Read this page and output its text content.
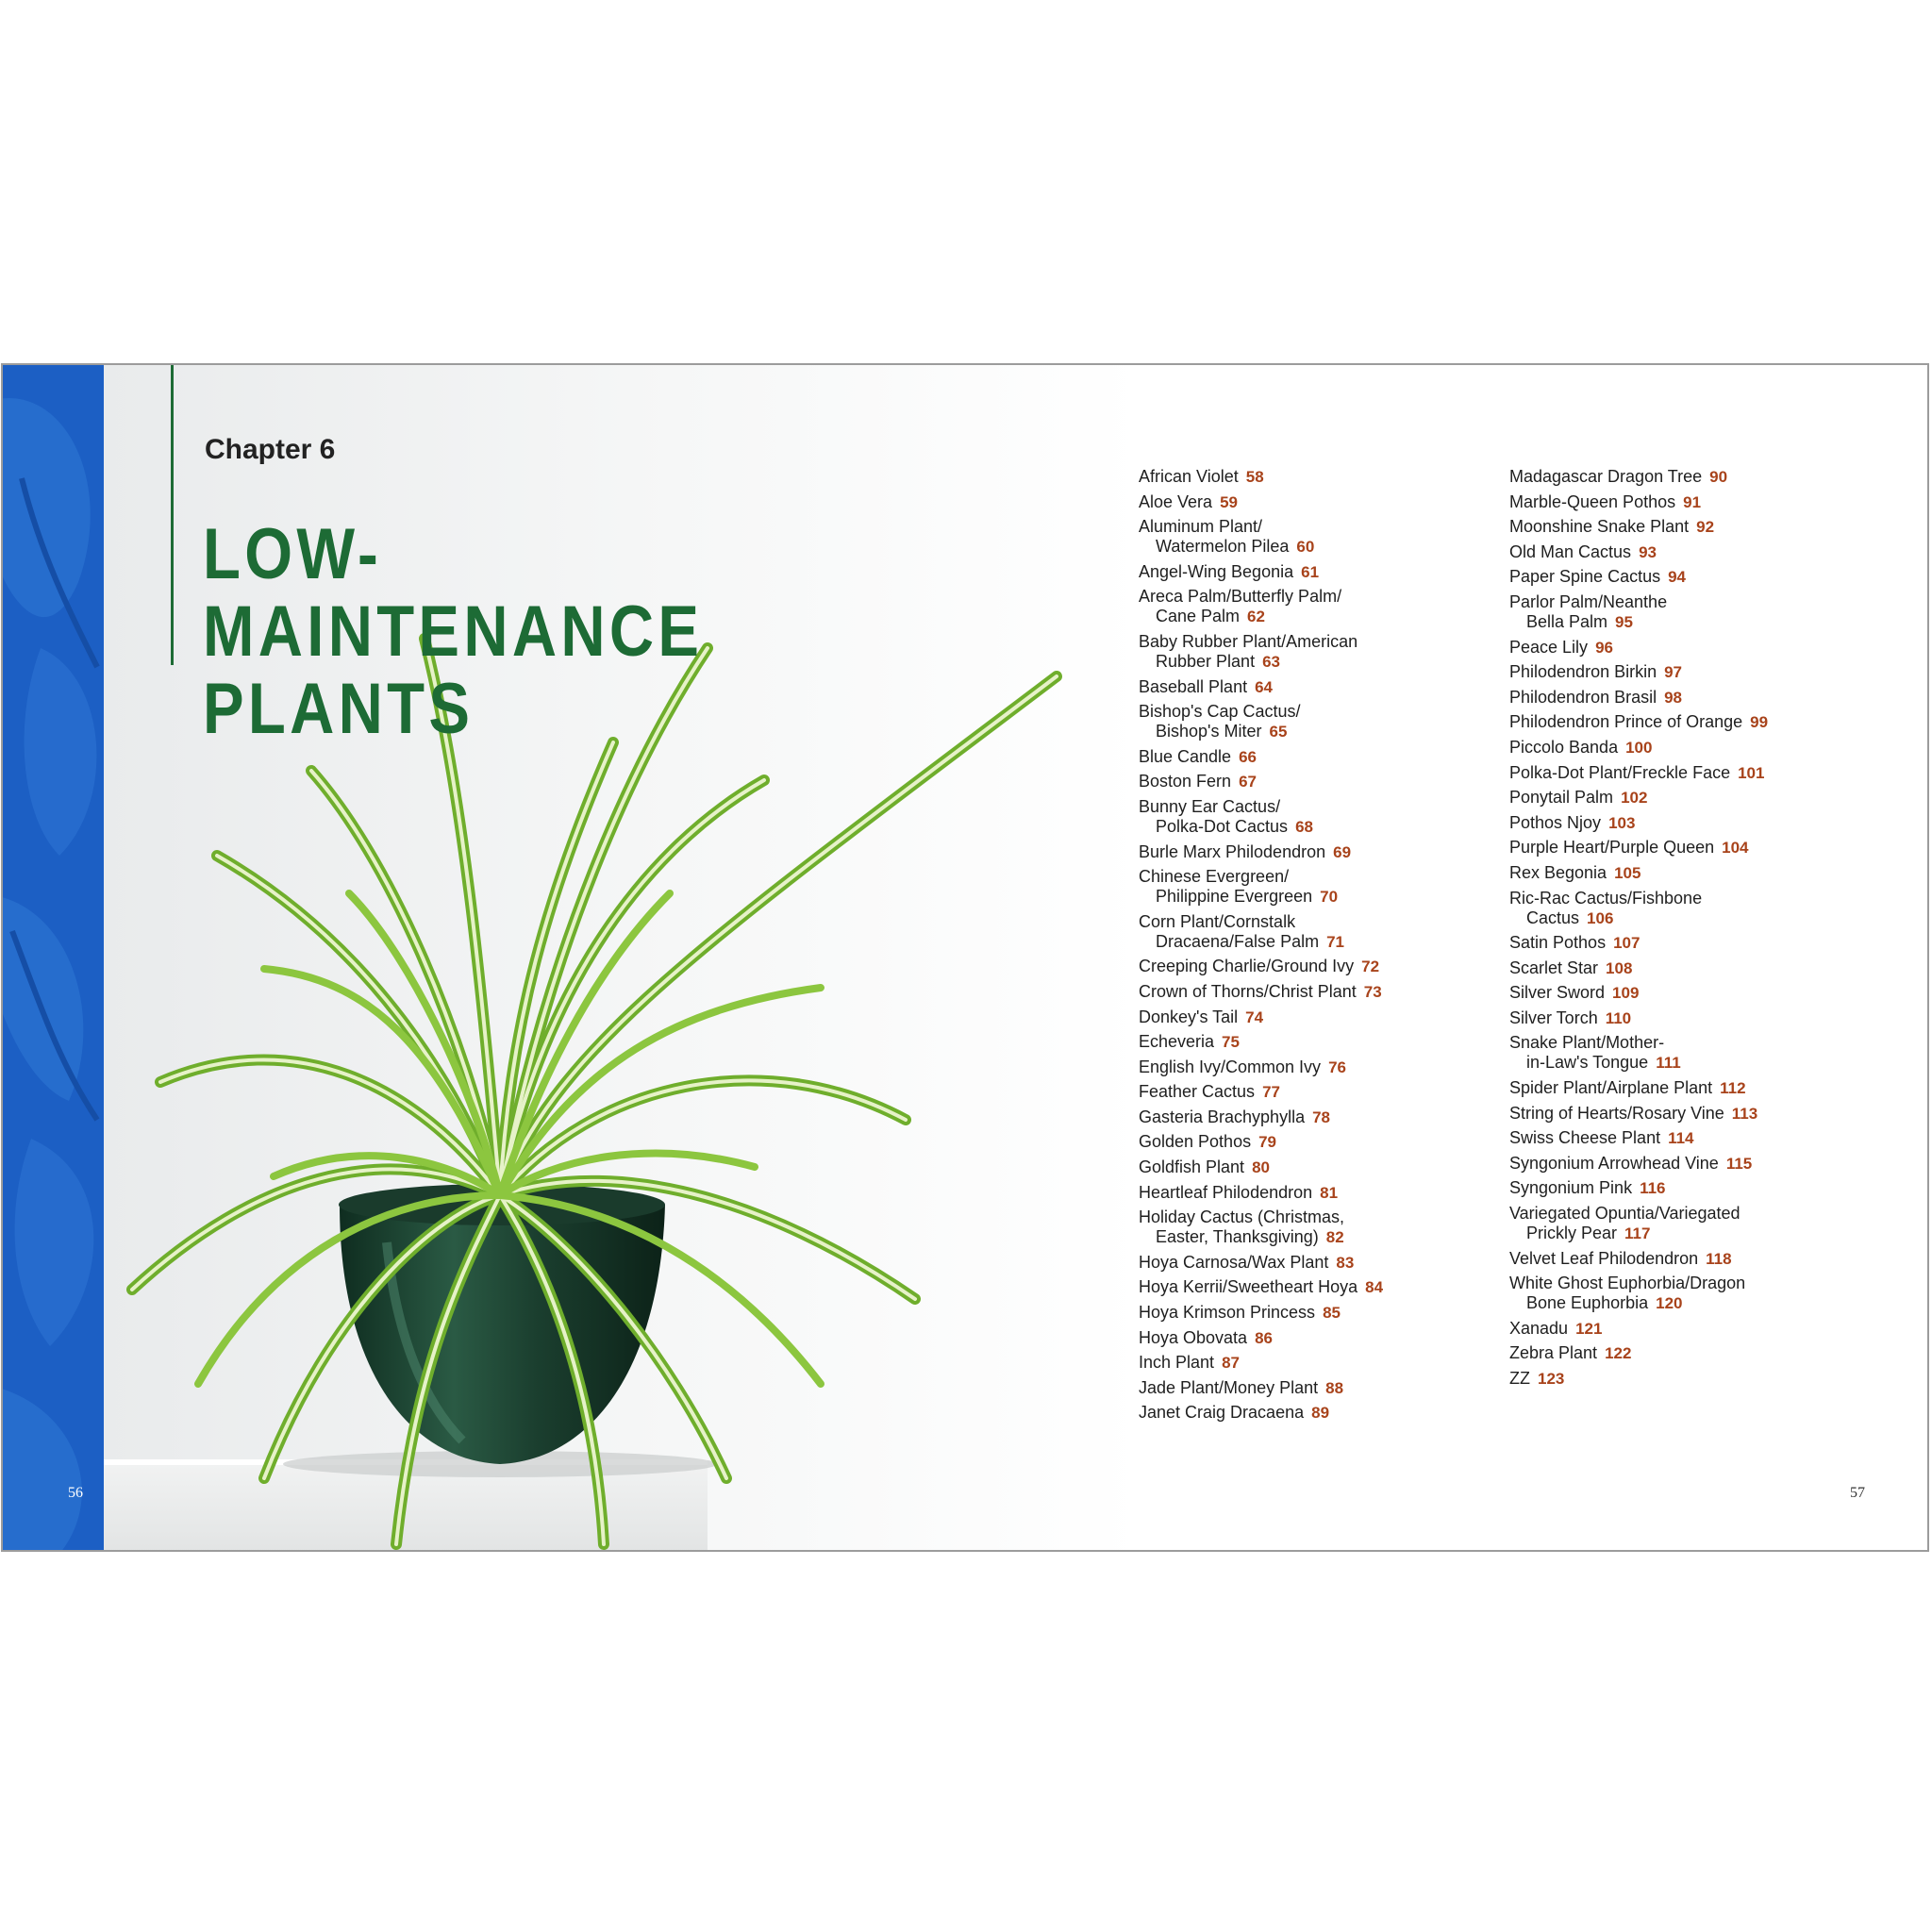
Chapter 6
LOW-MAINTENANCE
PLANTS
African Violet 58
Aloe Vera 59
Aluminum Plant/
Watermelon Pilea 60
Angel-Wing Begonia 61
Areca Palm/Butterfly Palm/
Cane Palm 62
Baby Rubber Plant/American
Rubber Plant 63
Baseball Plant 64
Bishop's Cap Cactus/
Bishop's Miter 65
Blue Candle 66
Boston Fern 67
Bunny Ear Cactus/
Polka-Dot Cactus 68
Burle Marx Philodendron 69
Chinese Evergreen/
Philippine Evergreen 70
Corn Plant/Cornstalk
Dracaena/False Palm 71
Creeping Charlie/Ground Ivy 72
Crown of Thorns/Christ Plant 73
Donkey's Tail 74
Echeveria 75
English Ivy/Common Ivy 76
Feather Cactus 77
Gasteria Brachyphylla 78
Golden Pothos 79
Goldfish Plant 80
Heartleaf Philodendron 81
Holiday Cactus (Christmas,
Easter, Thanksgiving) 82
Hoya Carnosa/Wax Plant 83
Hoya Kerrii/Sweetheart Hoya 84
Hoya Krimson Princess 85
Hoya Obovata 86
Inch Plant 87
Jade Plant/Money Plant 88
Janet Craig Dracaena 89
Madagascar Dragon Tree 90
Marble-Queen Pothos 91
Moonshine Snake Plant 92
Old Man Cactus 93
Paper Spine Cactus 94
Parlor Palm/Neanthe
Bella Palm 95
Peace Lily 96
Philodendron Birkin 97
Philodendron Brasil 98
Philodendron Prince of Orange 99
Piccolo Banda 100
Polka-Dot Plant/Freckle Face 101
Ponytail Palm 102
Pothos Njoy 103
Purple Heart/Purple Queen 104
Rex Begonia 105
Ric-Rac Cactus/Fishbone
Cactus 106
Satin Pothos 107
Scarlet Star 108
Silver Sword 109
Silver Torch 110
Snake Plant/Mother-
in-Law's Tongue 111
Spider Plant/Airplane Plant 112
String of Hearts/Rosary Vine 113
Swiss Cheese Plant 114
Syngonium Arrowhead Vine 115
Syngonium Pink 116
Variegated Opuntia/Variegated
Prickly Pear 117
Velvet Leaf Philodendron 118
White Ghost Euphorbia/Dragon
Bone Euphorbia 120
Xanadu 121
Zebra Plant 122
ZZ 123
56	57
